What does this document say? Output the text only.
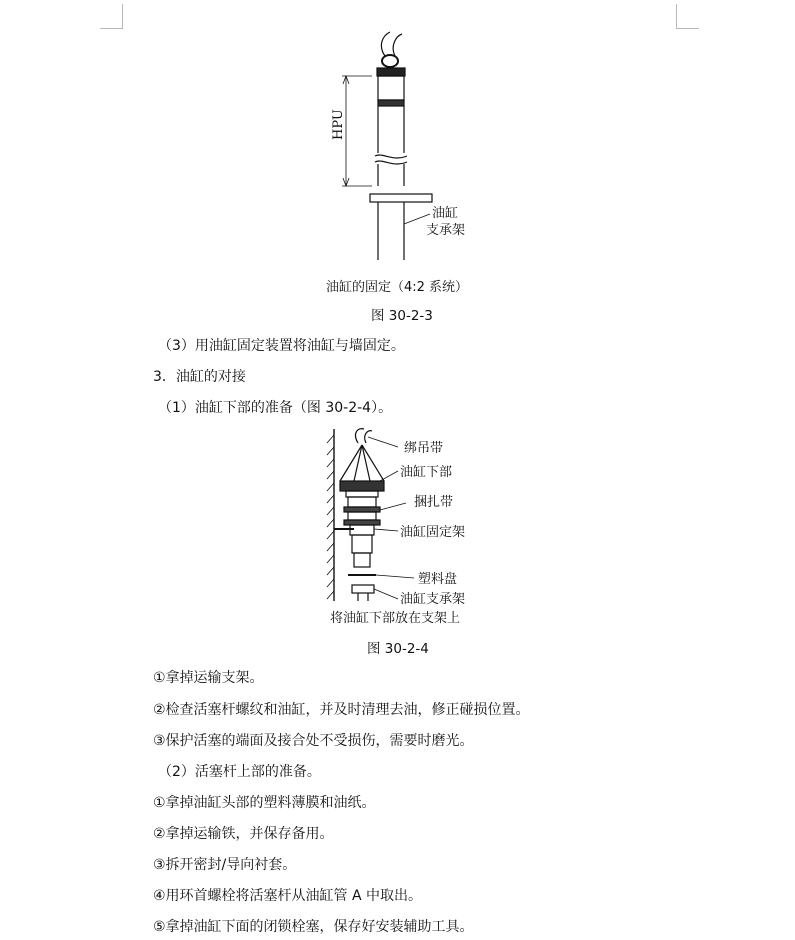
HPU
油缸
支承架
油缸的固定（4:2 系统）
图 30-2-3
（3）用油缸固定装置将油缸与墙固定。
3．油缸的对接
（1）油缸下部的准备（图 30-2-4）。
绑吊带
油缸下部
捆扎带
油缸固定架
塑料盘
油缸支承架
将油缸下部放在支架上
图 30-2-4
①拿掉运输支架。
②检查活塞杆螺纹和油缸，并及时清理去油，修正碰损位置。
③保护活塞的端面及接合处不受损伤，需要时磨光。
（2）活塞杆上部的准备。
①拿掉油缸头部的塑料薄膜和油纸。
②拿掉运输铁，并保存备用。
③拆开密封/导向衬套。
④用环首螺栓将活塞杆从油缸管 A 中取出。
⑤拿掉油缸下面的闭锁栓塞，保存好安装辅助工具。
